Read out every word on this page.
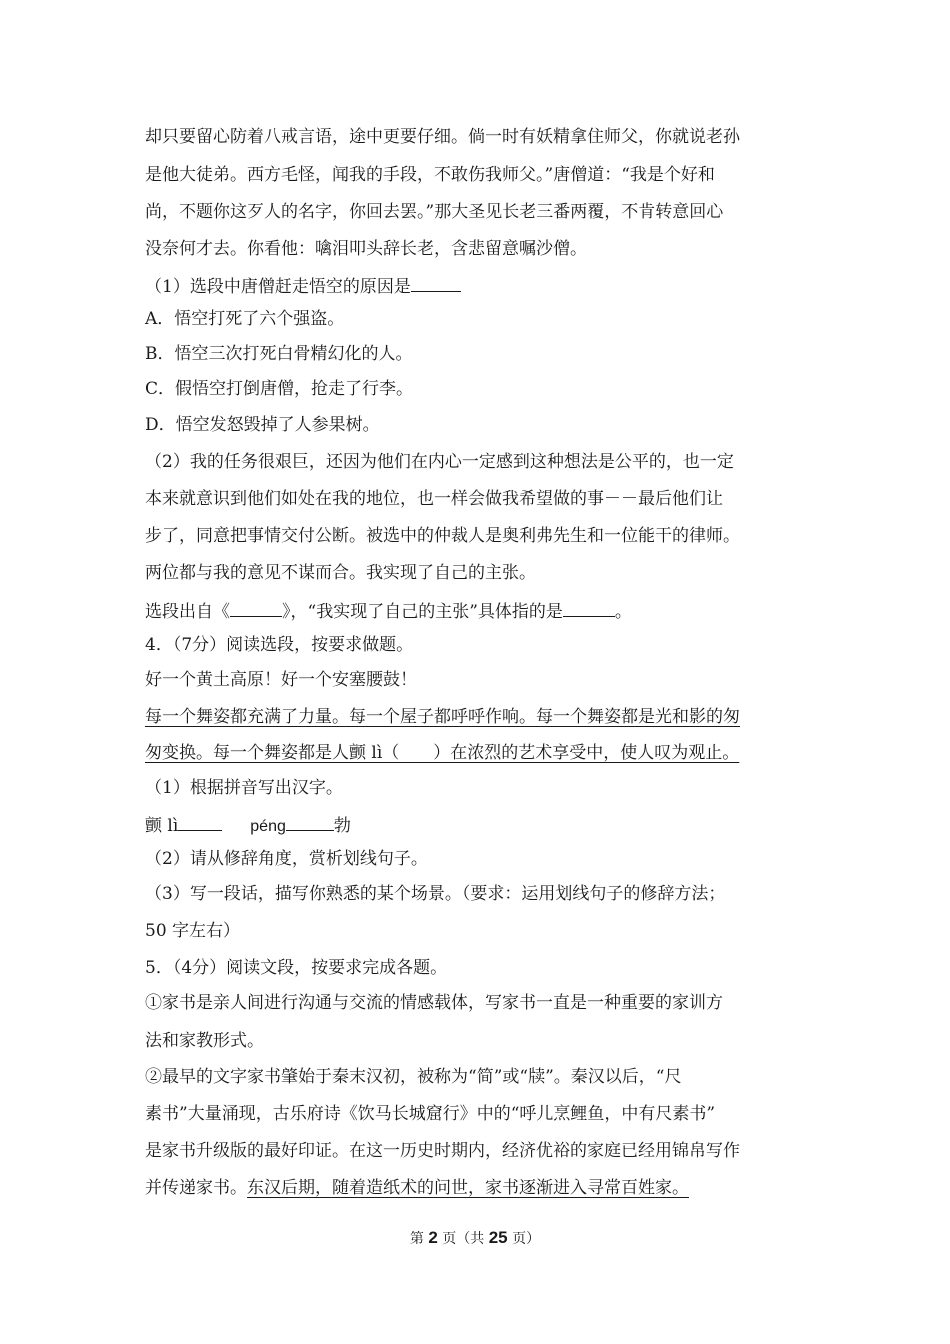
却只要留心防着八戒言语，途中更要仔细。倘一时有妖精拿住师父，你就说老孙
是他大徒弟。西方毛怪，闻我的手段，不敢伤我师父。”唐僧道：“我是个好和
尚，不题你这歹人的名字，你回去罢。”那大圣见长老三番两覆，不肯转意回心
没奈何才去。你看他：噙泪叩头辞长老，含悲留意嘱沙僧。
（1）选段中唐僧赶走悟空的原因是
A．悟空打死了六个强盗。
B．悟空三次打死白骨精幻化的人。
C．假悟空打倒唐僧，抢走了行李。
D．悟空发怒毁掉了人参果树。
（2）我的任务很艰巨，还因为他们在内心一定感到这种想法是公平的，也一定
本来就意识到他们如处在我的地位，也一样会做我希望做的事－－最后他们让
步了，同意把事情交付公断。被选中的仲裁人是奥利弗先生和一位能干的律师。
两位都与我的意见不谋而合。我实现了自己的主张。
选段出自《	》，“我实现了自己的主张”具体指的是	。
4．（7分）阅读选段，按要求做题。
好一个黄土高原！好一个安塞腰鼓！
每一个舞姿都充满了力量。每一个屋子都呼呼作响。每一个舞姿都是光和影的匆
匆变换。每一个舞姿都是人颤 lì（　　）在浓烈的艺术享受中，使人叹为观止。
（1）根据拼音写出汉字。
颤 lì	péng	勃
（2）请从修辞角度，赏析划线句子。
（3）写一段话，描写你熟悉的某个场景。（要求：运用划线句子的修辞方法；
50 字左右）
5．（4分）阅读文段，按要求完成各题。
①家书是亲人间进行沟通与交流的情感载体，写家书一直是一种重要的家训方
法和家教形式。
②最早的文字家书肇始于秦末汉初，被称为“简”或“牍”。秦汉以后，“尺
素书”大量涌现，古乐府诗《饮马长城窟行》中的“呼儿烹鲤鱼，中有尺素书”
是家书升级版的最好印证。在这一历史时期内，经济优裕的家庭已经用锦帛写作
并传递家书。东汉后期，随着造纸术的问世，家书逐渐进入寻常百姓家。
第 2 页（共 25 页）
